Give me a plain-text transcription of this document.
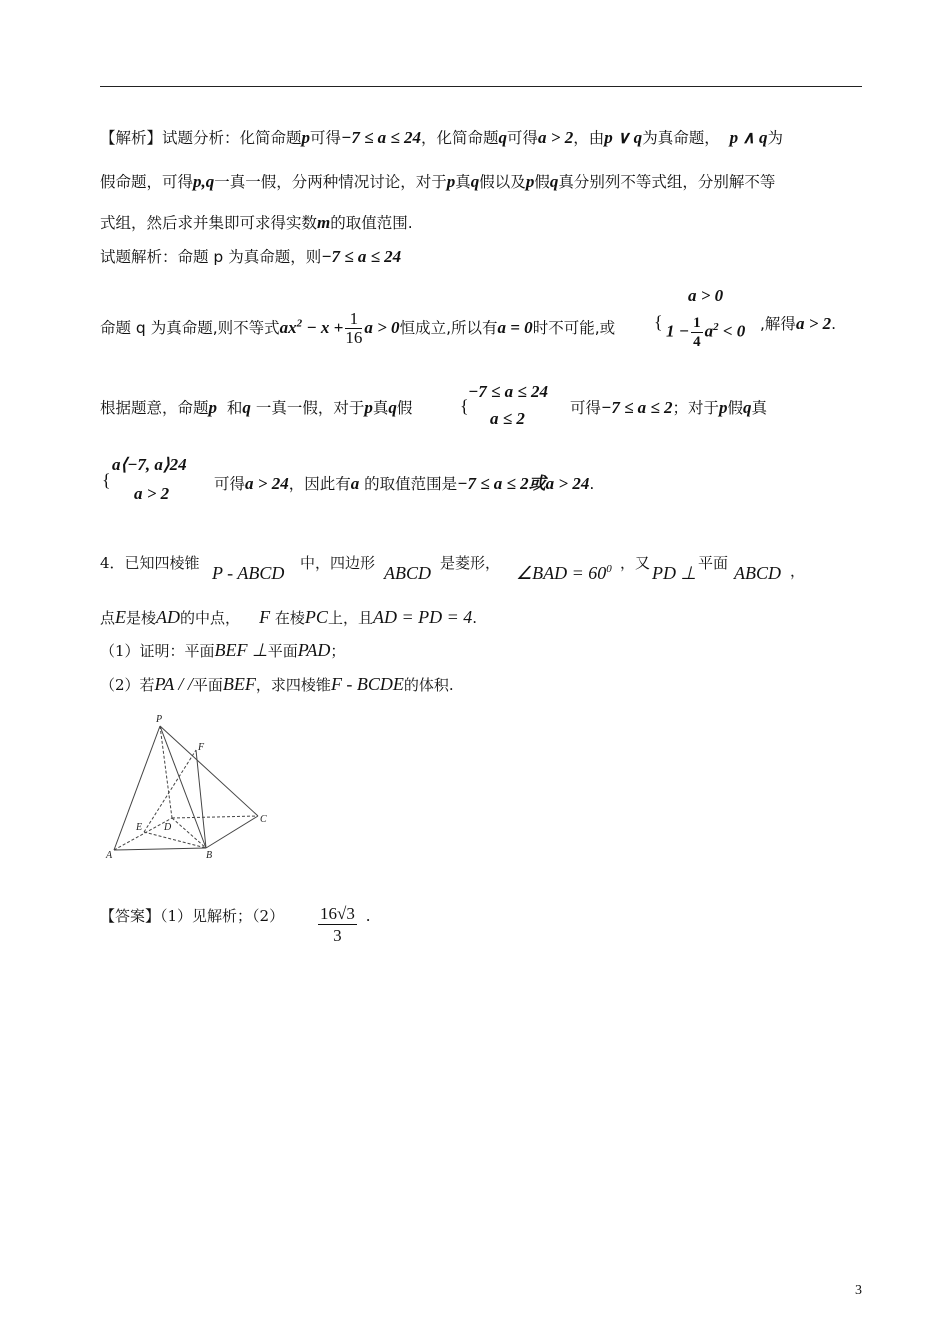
【解析】试题分析：化简命题p可得−7 ≤ a ≤ 24，化简命题q可得a > 2，由p ∨ q为真命题， p ∧ q为
假命题，可得p,q一真一假，分两种情况讨论，对于p真q假以及p假q真分别列不等式组，分别解不等
式组，然后求并集即可求得实数m的取值范围.
试题解析：命题 p 为真命题，则−7 ≤ a ≤ 24
命题 q 为真命题,则不等式$ax^2 - x + \frac{1}{16}$ a > 0恒成立,所以有a = 0时不可能,或 {
a > 0
$1 - \frac{1}{4} a^2 < 0$ ,解得a > 2.
根据题意，命题p 和q 一真一假，对于p真q假	{
−7 ≤ a ≤ 24
a ≤ 2
可得−7 ≤ a ≤ 2；对于p假q真
{
a⟨−7, a⟩24
a > 2	可得a > 24，因此有a 的取值范围是−7 ≤ a ≤ 2或a > 24.
4．已知四棱锥 P - ABCD 中，四边形 ABCD 是菱形， ∠BAD = $60^0$ ，又 PD ⊥ 平面 ABCD ，
点E是棱AD的中点， F 在棱PC上，且AD = PD = 4.
（1）证明：平面BEF ⊥平面PAD；
（2）若PA / /平面BEF，求四棱锥F - BCDE的体积.
P
F
E D
C
A	B
【答案】（1）见解析；$(2) \frac{16√3}{3}$ .
3
